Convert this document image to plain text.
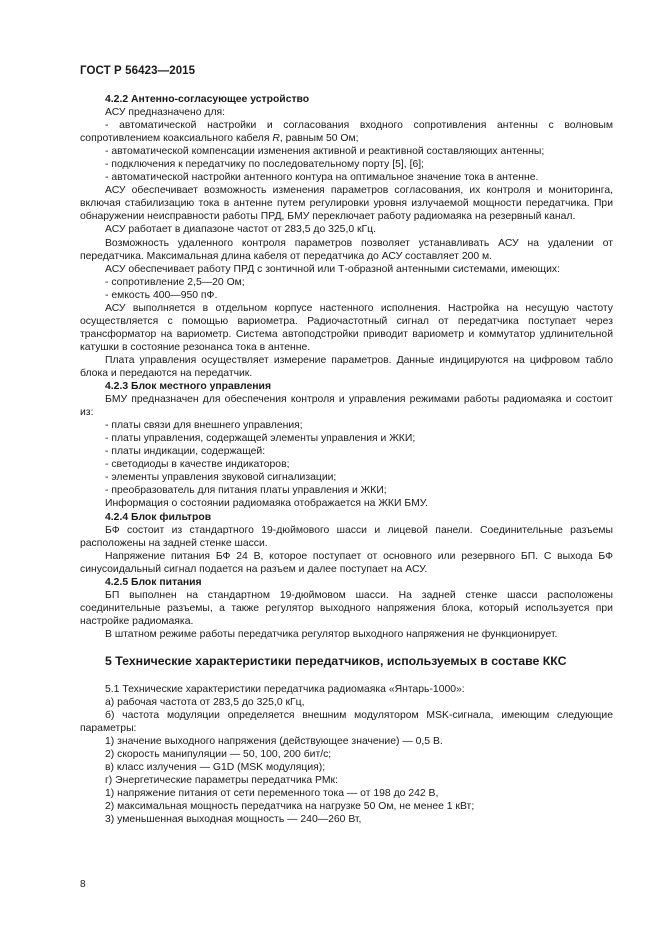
ГОСТ Р 56423—2015

4.2.2 Антенно-согласующее устройство

АСУ предназначено для:

- автоматической настройки и согласования входного сопротивления антенны с волновым сопротивлением коаксиального кабеля R, равным 50 Ом;

- автоматической компенсации изменения активной и реактивной составляющих антенны;

- подключения к передатчику по последовательному порту [5], [6];

- автоматической настройки антенного контура на оптимальное значение тока в антенне.

АСУ обеспечивает возможность изменения параметров согласования, их контроля и мониторинга, включая стабилизацию тока в антенне путем регулировки уровня излучаемой мощности передатчика. При обнаружении неисправности работы ПРД, БМУ переключает работу радиомаяка на резервный канал.

АСУ работает в диапазоне частот от 283,5 до 325,0 кГц.

Возможность удаленного контроля параметров позволяет устанавливать АСУ на удалении от передатчика. Максимальная длина кабеля от передатчика до АСУ составляет 200 м.

АСУ обеспечивает работу ПРД с зонтичной или Т-образной антенными системами, имеющих:

- сопротивление 2,5—20 Ом;

- емкость 400—950 пФ.

АСУ выполняется в отдельном корпусе настенного исполнения. Настройка на несущую частоту осуществляется с помощью вариометра. Радиочастотный сигнал от передатчика поступает через трансформатор на вариометр. Система автоподстройки приводит вариометр и коммутатор удлинительной катушки в состояние резонанса тока в антенне.

Плата управления осуществляет измерение параметров. Данные индицируются на цифровом табло блока и передаются на передатчик.

4.2.3 Блок местного управления

БМУ предназначен для обеспечения контроля и управления режимами работы радиомаяка и состоит из:

- платы связи для внешнего управления;

- платы управления, содержащей элементы управления и ЖКИ;

- платы индикации, содержащей:

- светодиоды в качестве индикаторов;

- элементы управления звуковой сигнализации;

- преобразователь для питания платы управления и ЖКИ;

Информация о состоянии радиомаяка отображается на ЖКИ БМУ.

4.2.4 Блок фильтров

БФ состоит из стандартного 19-дюймового шасси и лицевой панели. Соединительные разъемы расположены на задней стенке шасси.

Напряжение питания БФ 24 В, которое поступает от основного или резервного БП. С выхода БФ синусоидальный сигнал подается на разъем и далее поступает на АСУ.

4.2.5 Блок питания

БП выполнен на стандартном 19-дюймовом шасси. На задней стенке шасси расположены соединительные разъемы, а также регулятор выходного напряжения блока, который используется при настройке радиомаяка.

В штатном режиме работы передатчика регулятор выходного напряжения не функционирует.

5 Технические характеристики передатчиков, используемых в составе ККС

5.1 Технические характеристики передатчика радиомаяка «Янтарь-1000»:

а) рабочая частота от 283,5 до 325,0 кГц,

б) частота модуляции определяется внешним модулятором MSK-сигнала, имеющим следующие параметры:

1) значение выходного напряжения (действующее значение) — 0,5 В.

2) скорость манипуляции — 50, 100, 200 бит/с;

в) класс излучения — G1D (MSK модуляция);

г) Энергетические параметры передатчика РМк:

1) напряжение питания от сети переменного тока — от 198 до 242 В,

2) максимальная мощность передатчика на нагрузке 50 Ом, не менее 1 кВт;

3) уменьшенная выходная мощность — 240—260 Вт,

8
